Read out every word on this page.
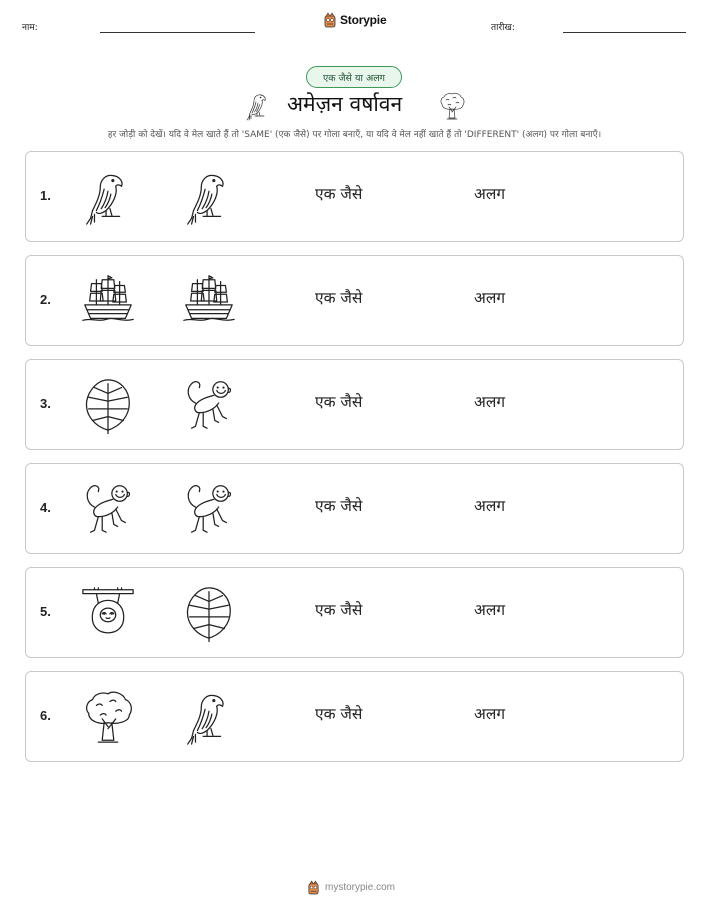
नाम:
Storypie
तारीख:
एक जैसे या अलग
अमेज़न वर्षावन
हर जोड़ी को देखें। यदि वे मेल खाते हैं तो 'SAME' (एक जैसे) पर गोला बनाएँ, या यदि वे मेल नहीं खाते हैं तो 'DIFFERENT' (अलग) पर गोला बनाएँ।
1.	एक जैसे	अलग
2.	एक जैसे	अलग
3.	एक जैसे	अलग
4.	एक जैसे	अलग
5.	एक जैसे	अलग
6.	एक जैसे	अलग
mystorypie.com
